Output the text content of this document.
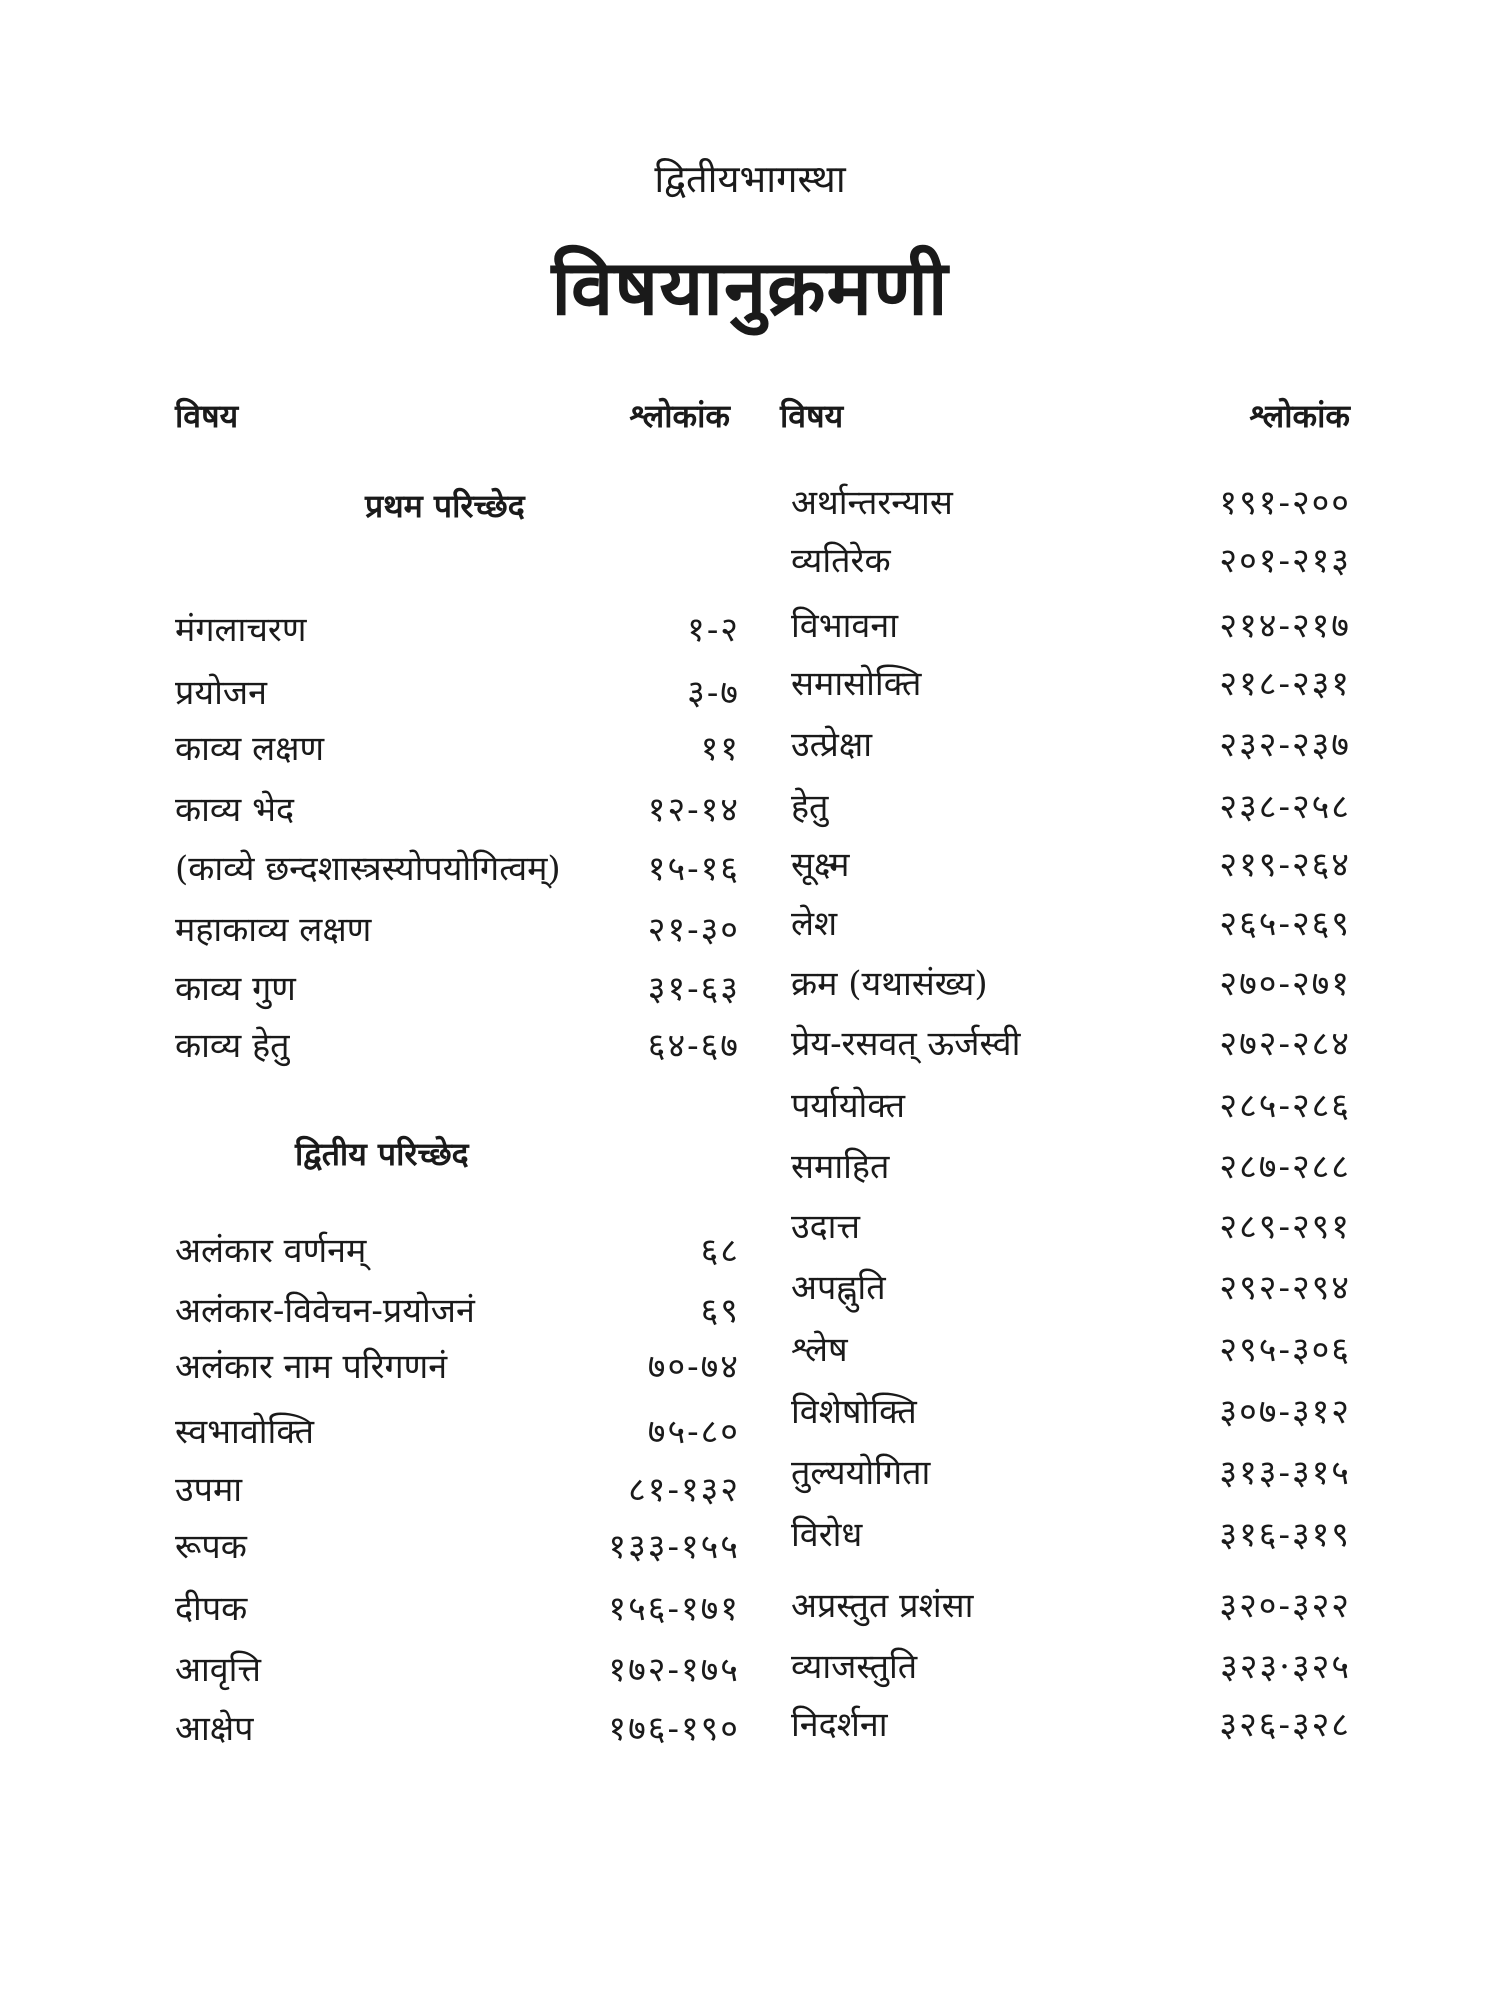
द्वितीयभागस्था
विषयानुक्रमणी
विषय	श्लोकांक विषय	श्लोकांक
प्रथम परिच्छेद
मंगलाचरण	१-२
प्रयोजन	३-७
काव्य लक्षण	११
काव्य भेद	१२-१४
(काव्ये छन्दशास्त्रस्योपयोगित्वम्)	१५-१६
महाकाव्य लक्षण	२१-३०
काव्य गुण	३१-६३
काव्य हेतु	६४-६७
द्वितीय परिच्छेद
अलंकार वर्णनम्	६८
अलंकार-विवेचन-प्रयोजनं	६९
अलंकार नाम परिगणनं	७०-७४
स्वभावोक्ति	७५-८०
उपमा	८१-१३२
रूपक	१३३-१५५
दीपक	१५६-१७१
आवृत्ति	१७२-१७५
आक्षेप	१७६-१९०
अर्थान्तरन्यास	१९१-२००
व्यतिरेक	२०१-२१३
विभावना	२१४-२१७
समासोक्ति	२१८-२३१
उत्प्रेक्षा	२३२-२३७
हेतु	२३८-२५८
सूक्ष्म	२१९-२६४
लेश	२६५-२६९
क्रम (यथासंख्य)	२७०-२७१
प्रेय-रसवत् ऊर्जस्वी	२७२-२८४
पर्यायोक्त	२८५-२८६
समाहित	२८७-२८८
उदात्त	२८९-२९१
अपह्नुति	२९२-२९४
श्लेष	२९५-३०६
विशेषोक्ति	३०७-३१२
तुल्ययोगिता	३१३-३१५
विरोध	३१६-३१९
अप्रस्तुत प्रशंसा	३२०-३२२
व्याजस्तुति	३२३·३२५
निदर्शना	३२६-३२८
